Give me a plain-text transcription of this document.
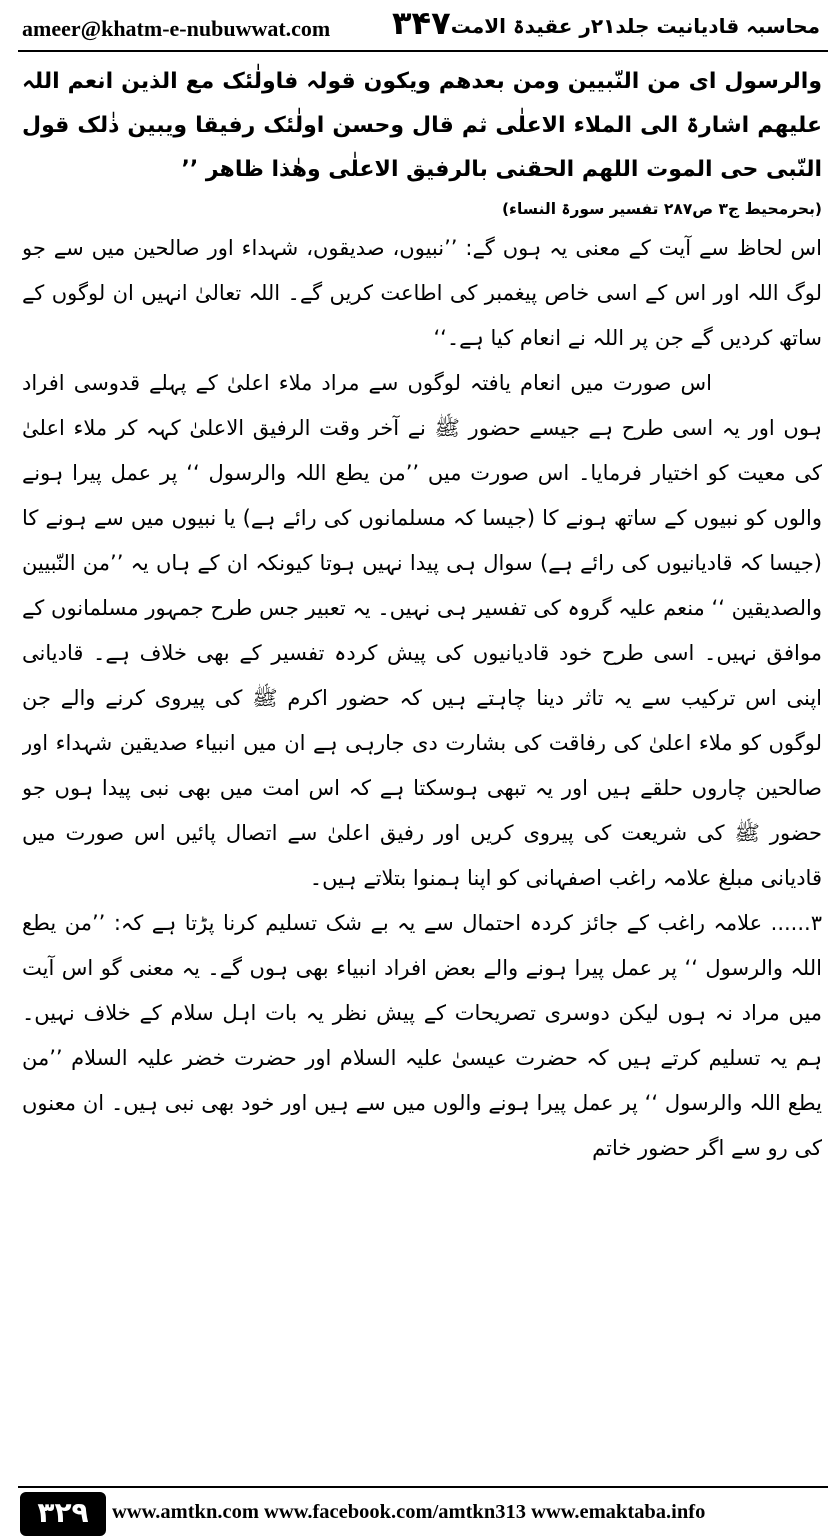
ameer@khatm-e-nubuwwat.com ۳۴۷ محاسبہ قادیانیت جلد۲۱ر عقیدۃ الامت

والرسول ای من النّبیین ومن بعدھم ویکون قولہ فاولٰئک مع الذین انعم اللہ علیھم اشارۃ الی الملاء الاعلٰی ثم قال وحسن اولٰئک رفیقا ویبین ذٰلک قول النّبی حی الموت اللھم الحقنی بالرفیق الاعلٰی وھٰذا ظاھر ’’

(بحرمحیط ج۳ ص۲۸۷ تفسیر سورۃ النساء)

اس لحاظ سے آیت کے معنی یہ ہوں گے: ’’نبیوں، صدیقوں، شہداء اور صالحین میں سے جو لوگ اللہ اور اس کے اسی خاص پیغمبر کی اطاعت کریں گے۔ اللہ تعالیٰ انہیں ان لوگوں کے ساتھ کردیں گے جن پر اللہ نے انعام کیا ہے۔‘‘

اس صورت میں انعام یافتہ لوگوں سے مراد ملاء اعلیٰ کے پہلے قدوسی افراد ہوں اور یہ اسی طرح ہے جیسے حضور ﷺ نے آخر وقت الرفیق الاعلیٰ کہہ کر ملاء اعلیٰ کی معیت کو اختیار فرمایا۔ اس صورت میں ’’من یطع اللہ والرسول ‘‘ پر عمل پیرا ہونے والوں کو نبیوں کے ساتھ ہونے کا (جیسا کہ مسلمانوں کی رائے ہے) یا نبیوں میں سے ہونے کا (جیسا کہ قادیانیوں کی رائے ہے) سوال ہی پیدا نہیں ہوتا کیونکہ ان کے ہاں یہ ’’من النّبیین والصدیقین ‘‘ منعم علیہ گروہ کی تفسیر ہی نہیں۔ یہ تعبیر جس طرح جمہور مسلمانوں کے موافق نہیں۔ اسی طرح خود قادیانیوں کی پیش کردہ تفسیر کے بھی خلاف ہے۔ قادیانی اپنی اس ترکیب سے یہ تاثر دینا چاہتے ہیں کہ حضور اکرم ﷺ کی پیروی کرنے والے جن لوگوں کو ملاء اعلیٰ کی رفاقت کی بشارت دی جارہی ہے ان میں انبیاء صدیقین شہداء اور صالحین چاروں حلقے ہیں اور یہ تبھی ہوسکتا ہے کہ اس امت میں بھی نبی پیدا ہوں جو حضور ﷺ کی شریعت کی پیروی کریں اور رفیق اعلیٰ سے اتصال پائیں اس صورت میں قادیانی مبلغ علامہ راغب اصفہانی کو اپنا ہمنوا بتلاتے ہیں۔

۳...... علامہ راغب کے جائز کردہ احتمال سے یہ بے شک تسلیم کرنا پڑتا ہے کہ: ’’من یطع اللہ والرسول ‘‘ پر عمل پیرا ہونے والے بعض افراد انبیاء بھی ہوں گے۔ یہ معنی گو اس آیت میں مراد نہ ہوں لیکن دوسری تصریحات کے پیش نظر یہ بات اہل سلام کے خلاف نہیں۔ ہم یہ تسلیم کرتے ہیں کہ حضرت عیسیٰ علیہ السلام اور حضرت خضر علیہ السلام ’’من یطع اللہ والرسول ‘‘ پر عمل پیرا ہونے والوں میں سے ہیں اور خود بھی نبی ہیں۔ ان معنوں کی رو سے اگر حضور خاتم

۳۲۹	www.amtkn.com www.facebook.com/amtkn313 www.emaktaba.info
